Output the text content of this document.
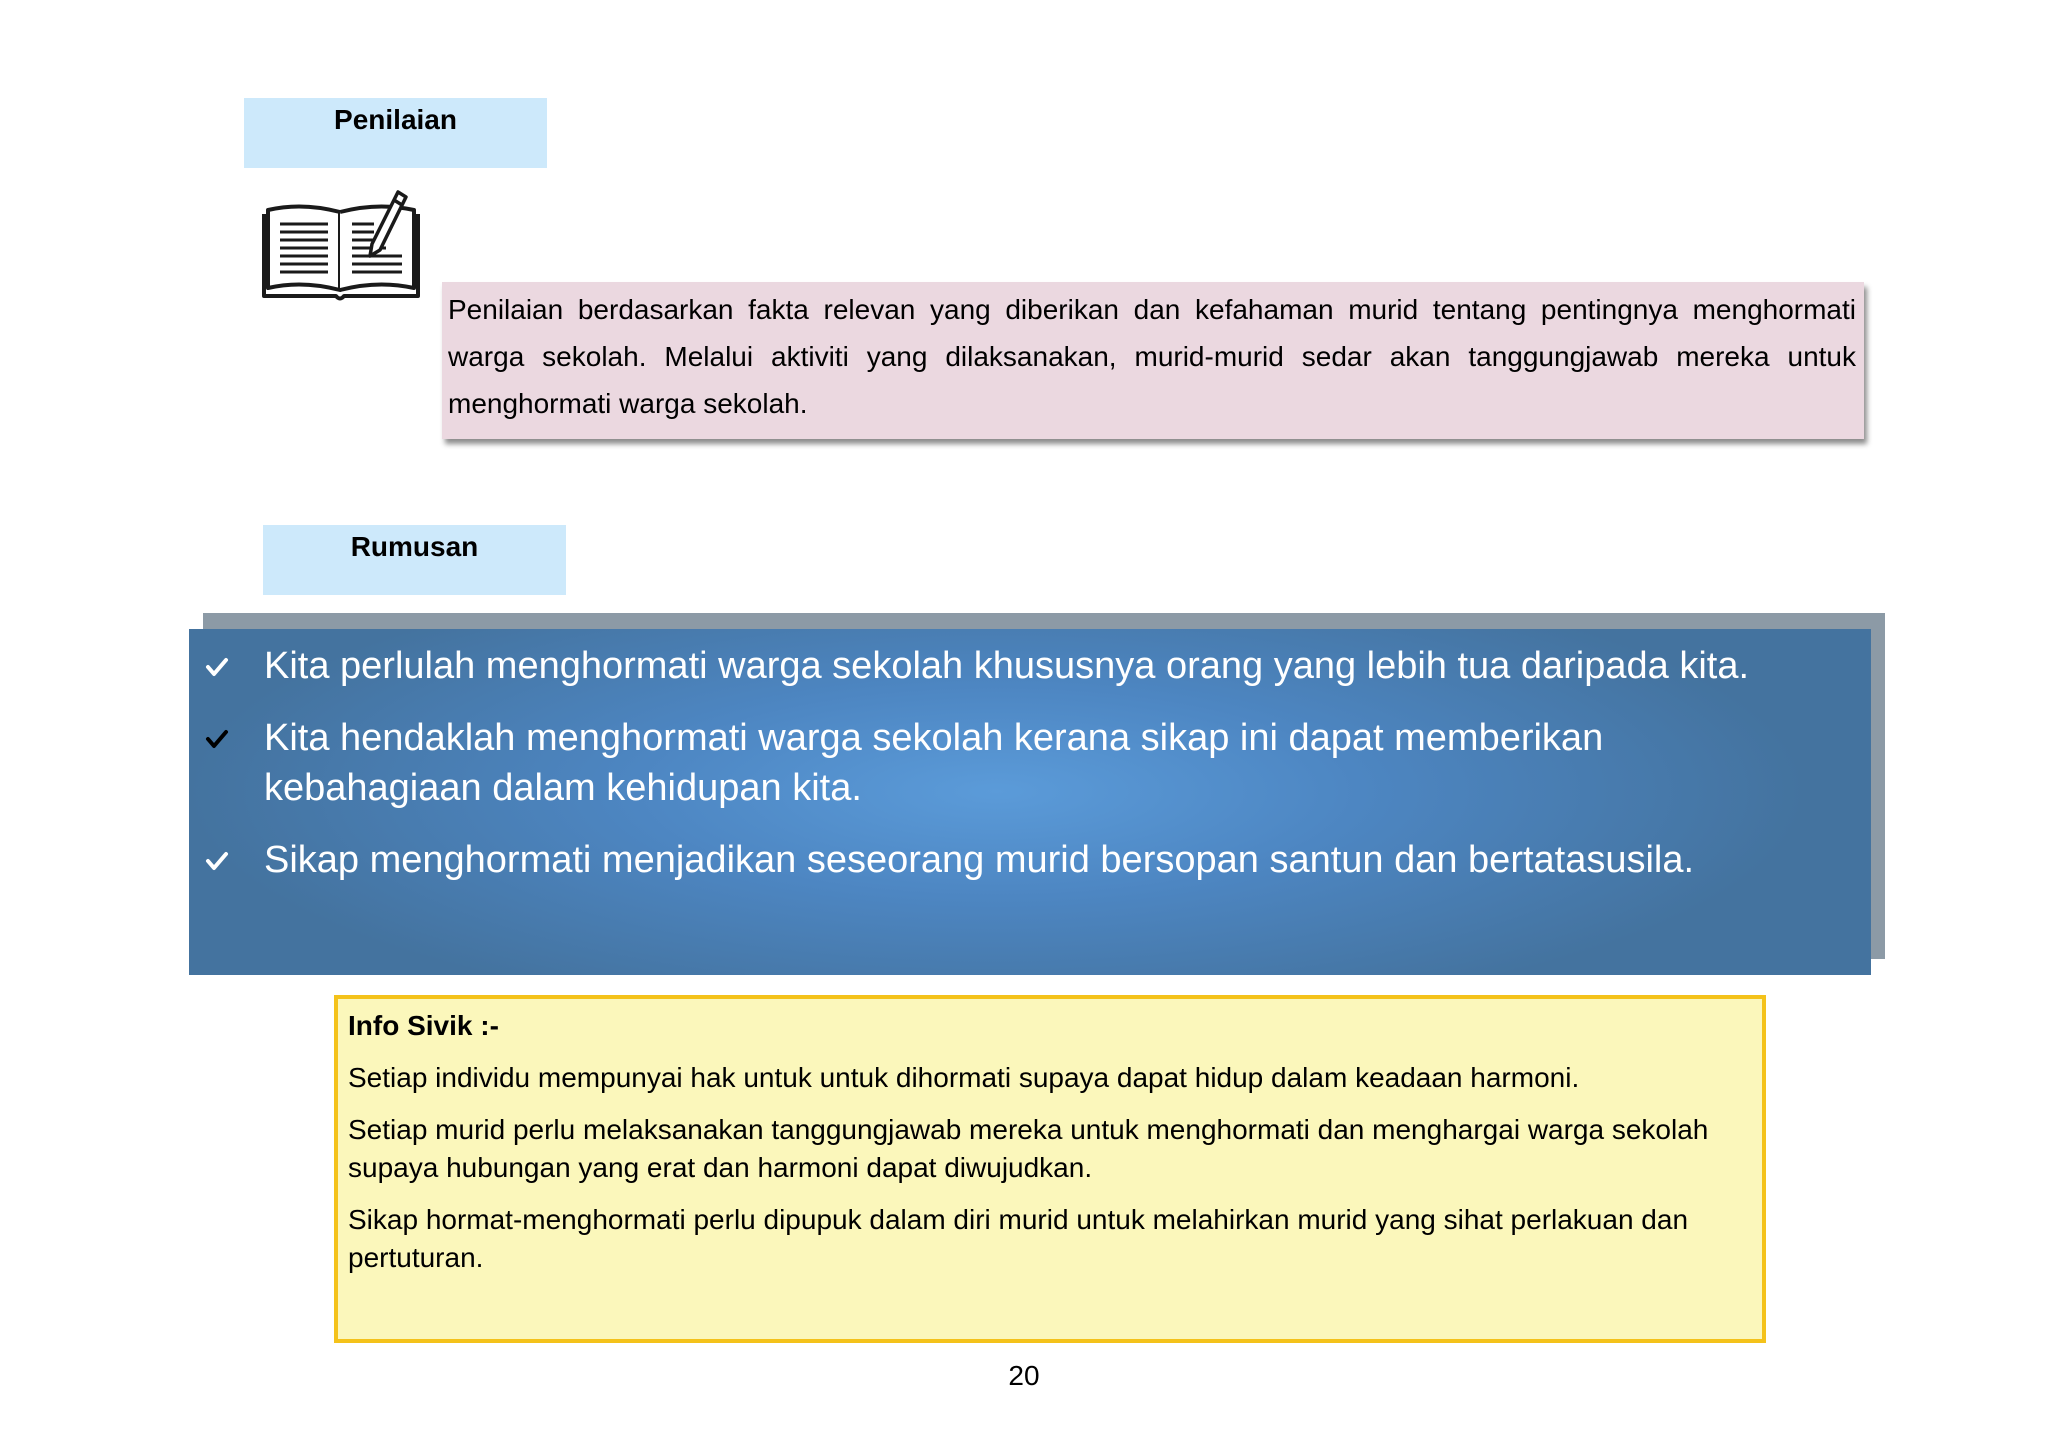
Penilaian
Penilaian berdasarkan fakta relevan yang diberikan dan kefahaman murid tentang pentingnya menghormati warga sekolah. Melalui aktiviti yang dilaksanakan, murid-murid sedar akan tanggungjawab mereka untuk menghormati warga sekolah.
Rumusan
Kita perlulah menghormati warga sekolah khususnya orang yang lebih tua daripada kita.
Kita hendaklah menghormati warga sekolah kerana sikap ini dapat memberikan kebahagiaan dalam kehidupan kita.
Sikap menghormati menjadikan seseorang murid bersopan santun dan bertatasusila.
Info Sivik :-
Setiap individu mempunyai hak untuk untuk dihormati supaya dapat hidup dalam keadaan harmoni.
Setiap murid perlu melaksanakan tanggungjawab mereka untuk menghormati dan menghargai warga sekolah supaya hubungan yang erat dan harmoni dapat diwujudkan.
Sikap hormat-menghormati perlu dipupuk dalam diri murid untuk melahirkan murid yang sihat perlakuan dan pertuturan.
20
